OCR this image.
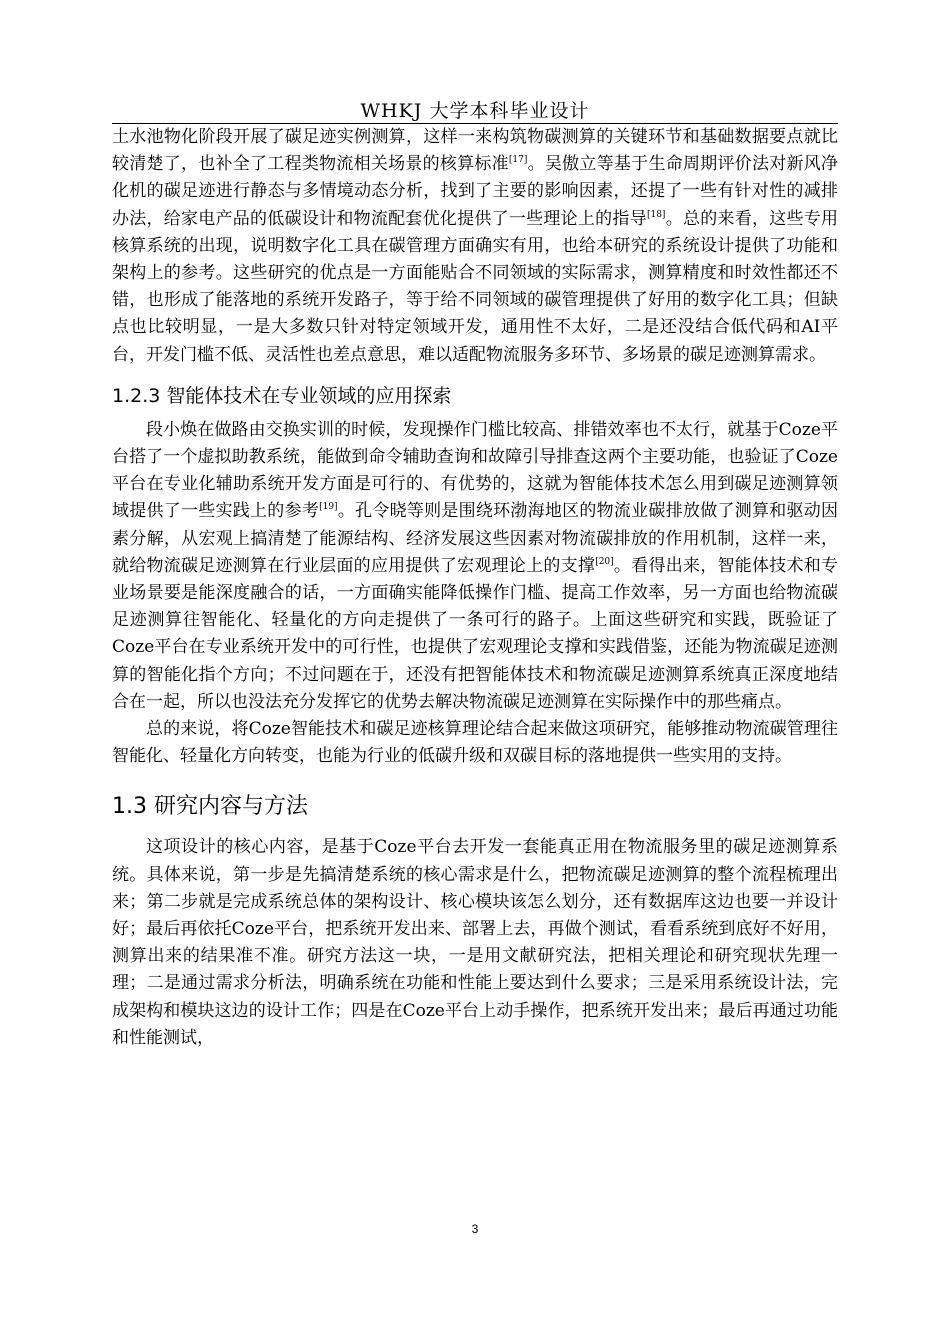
WHKJ 大学本科毕业设计

土水池物化阶段开展了碳足迹实例测算，这样一来构筑物碳测算的关键环节和基础数据要点就比较清楚了，也补全了工程类物流相关场景的核算标准[17]。吴傲立等基于生命周期评价法对新风净化机的碳足迹进行静态与多情境动态分析，找到了主要的影响因素，还提了一些有针对性的减排办法，给家电产品的低碳设计和物流配套优化提供了一些理论上的指导[18]。总的来看，这些专用核算系统的出现，说明数字化工具在碳管理方面确实有用，也给本研究的系统设计提供了功能和架构上的参考。这些研究的优点是一方面能贴合不同领域的实际需求，测算精度和时效性都还不错，也形成了能落地的系统开发路子，等于给不同领域的碳管理提供了好用的数字化工具；但缺点也比较明显，一是大多数只针对特定领域开发，通用性不太好，二是还没结合低代码和AI平台，开发门槛不低、灵活性也差点意思，难以适配物流服务多环节、多场景的碳足迹测算需求。

1.2.3 智能体技术在专业领域的应用探索

段小焕在做路由交换实训的时候，发现操作门槛比较高、排错效率也不太行，就基于Coze平台搭了一个虚拟助教系统，能做到命令辅助查询和故障引导排查这两个主要功能，也验证了Coze平台在专业化辅助系统开发方面是可行的、有优势的，这就为智能体技术怎么用到碳足迹测算领域提供了一些实践上的参考[19]。孔令晓等则是围绕环渤海地区的物流业碳排放做了测算和驱动因素分解，从宏观上搞清楚了能源结构、经济发展这些因素对物流碳排放的作用机制，这样一来，就给物流碳足迹测算在行业层面的应用提供了宏观理论上的支撑[20]。看得出来，智能体技术和专业场景要是能深度融合的话，一方面确实能降低操作门槛、提高工作效率，另一方面也给物流碳足迹测算往智能化、轻量化的方向走提供了一条可行的路子。上面这些研究和实践，既验证了Coze平台在专业系统开发中的可行性，也提供了宏观理论支撑和实践借鉴，还能为物流碳足迹测算的智能化指个方向；不过问题在于，还没有把智能体技术和物流碳足迹测算系统真正深度地结合在一起，所以也没法充分发挥它的优势去解决物流碳足迹测算在实际操作中的那些痛点。

总的来说，将Coze智能技术和碳足迹核算理论结合起来做这项研究，能够推动物流碳管理往智能化、轻量化方向转变，也能为行业的低碳升级和双碳目标的落地提供一些实用的支持。

1.3 研究内容与方法

这项设计的核心内容，是基于Coze平台去开发一套能真正用在物流服务里的碳足迹测算系统。具体来说，第一步是先搞清楚系统的核心需求是什么，把物流碳足迹测算的整个流程梳理出来；第二步就是完成系统总体的架构设计、核心模块该怎么划分，还有数据库这边也要一并设计好；最后再依托Coze平台，把系统开发出来、部署上去，再做个测试，看看系统到底好不好用，测算出来的结果准不准。研究方法这一块，一是用文献研究法，把相关理论和研究现状先理一理；二是通过需求分析法，明确系统在功能和性能上要达到什么要求；三是采用系统设计法，完成架构和模块这边的设计工作；四是在Coze平台上动手操作，把系统开发出来；最后再通过功能和性能测试，

3
